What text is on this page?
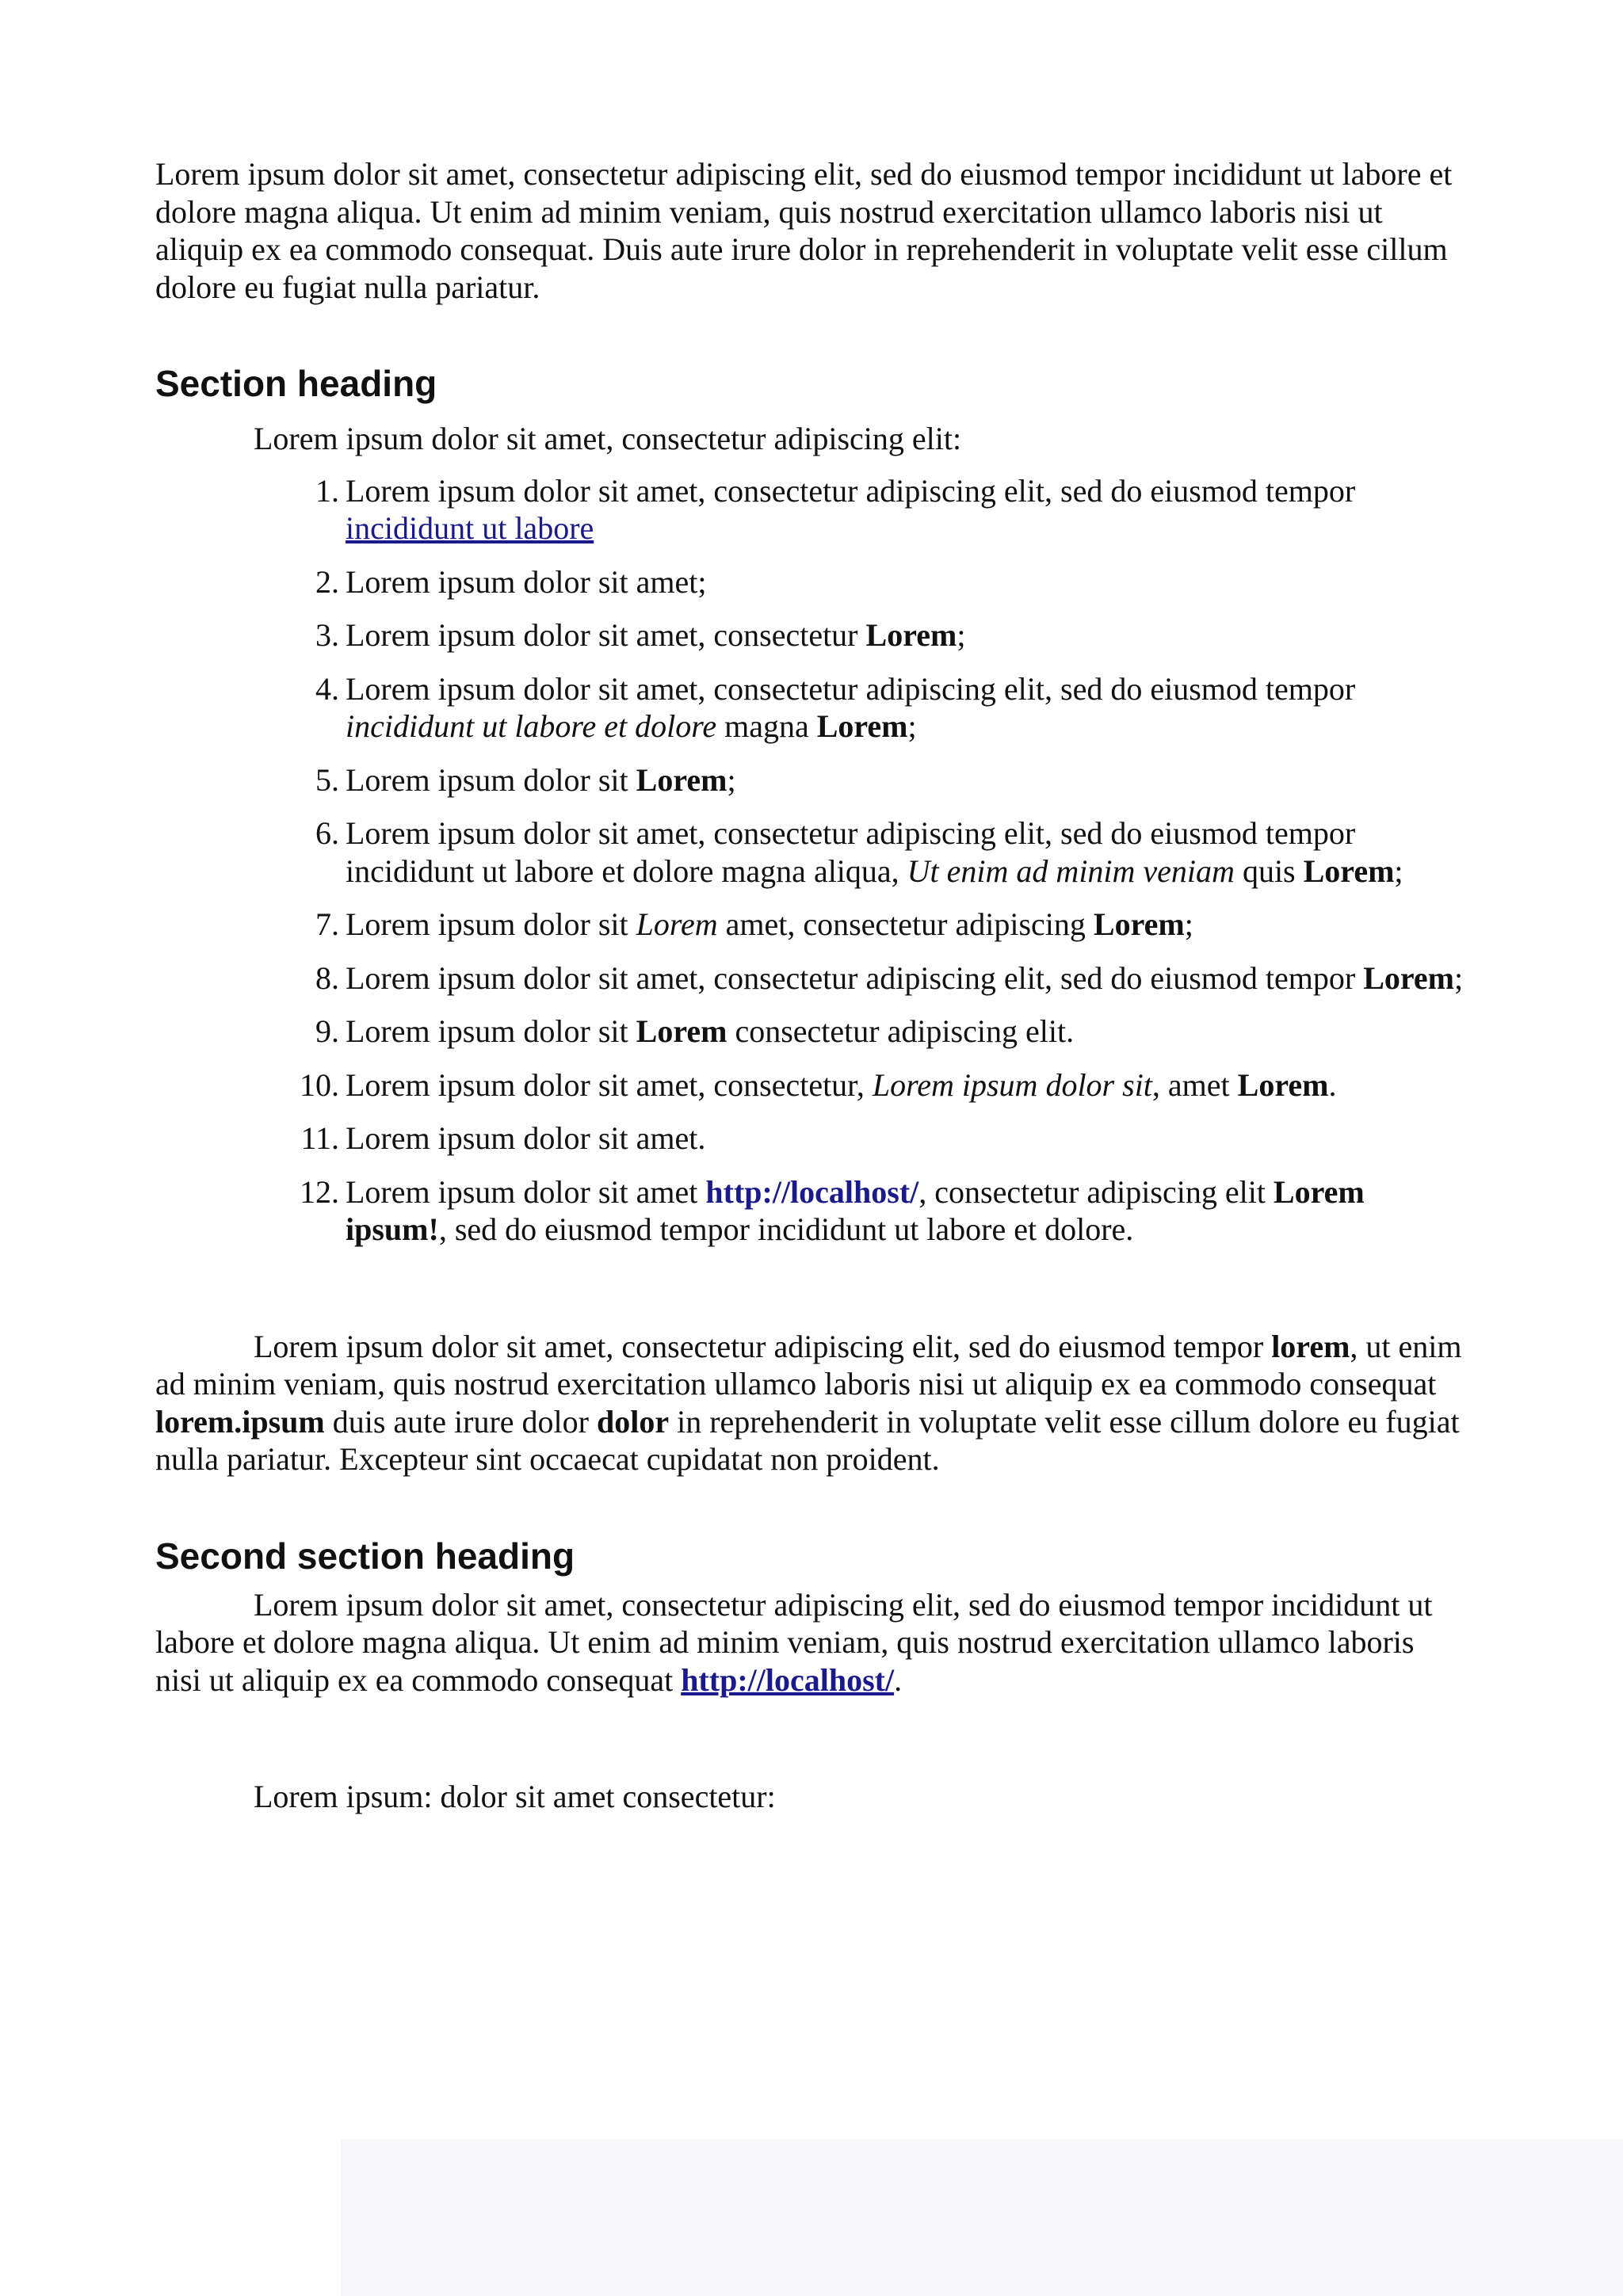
Lorem ipsum dolor sit amet, consectetur adipiscing elit, sed do eiusmod tempor incididunt ut labore et dolore magna aliqua. Ut enim ad minim veniam, quis nostrud exercitation ullamco laboris nisi ut aliquip ex ea commodo consequat. Duis aute irure dolor in reprehenderit in voluptate velit esse cillum dolore eu fugiat nulla pariatur.

Section heading

Lorem ipsum dolor sit amet, consectetur adipiscing elit:

1 . Lorem ipsum dolor sit amet, consectetur adipiscing elit, sed do eiusmod tempor incididunt ut labore
2 . Lorem ipsum dolor sit amet;
3 . Lorem ipsum dolor sit amet, consectetur Lorem;
4 . Lorem ipsum dolor sit amet, consectetur adipiscing elit, sed do eiusmod tempor incididunt ut labore et dolore magna Lorem;
5 . Lorem ipsum dolor sit Lorem;
6 . Lorem ipsum dolor sit amet, consectetur adipiscing elit, sed do eiusmod tempor incididunt ut labore et dolore magna aliqua, Ut enim ad minim veniam quis Lorem;
7 . Lorem ipsum dolor sit Lorem amet, consectetur adipiscing Lorem;
8 . Lorem ipsum dolor sit amet, consectetur adipiscing elit, sed do eiusmod tempor Lorem;
9 . Lorem ipsum dolor sit Lorem consectetur adipiscing elit.
10 . Lorem ipsum dolor sit amet, consectetur, Lorem ipsum dolor sit, amet Lorem.
11 . Lorem ipsum dolor sit amet.
12 . Lorem ipsum dolor sit amet http://localhost/, consectetur adipiscing elit Lorem ipsum!, sed do eiusmod tempor incididunt ut labore et dolore.

Lorem ipsum dolor sit amet, consectetur adipiscing elit, sed do eiusmod tempor lorem, ut enim ad minim veniam, quis nostrud exercitation ullamco laboris nisi ut aliquip ex ea commodo consequat lorem.ipsum duis aute irure dolor dolor in reprehenderit in voluptate velit esse cillum dolore eu fugiat nulla pariatur. Excepteur sint occaecat cupidatat non proident.

Second section heading

Lorem ipsum dolor sit amet, consectetur adipiscing elit, sed do eiusmod tempor incididunt ut labore et dolore magna aliqua. Ut enim ad minim veniam, quis nostrud exercitation ullamco laboris nisi ut aliquip ex ea commodo consequat http://localhost/.

Lorem ipsum: dolor sit amet consectetur:
